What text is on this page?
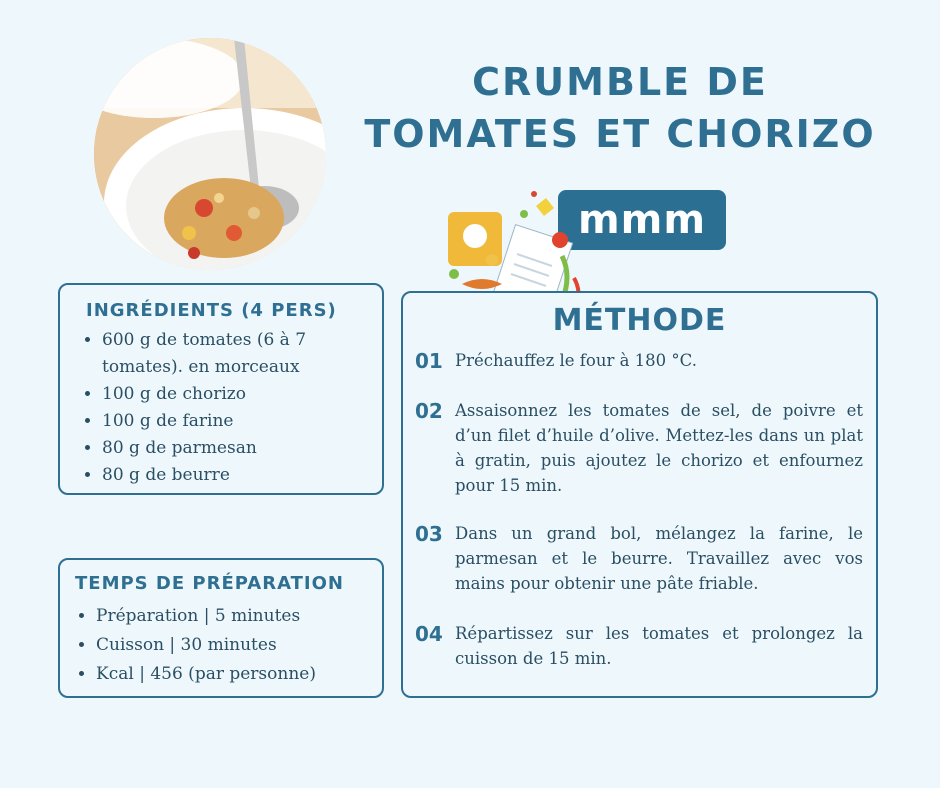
CRUMBLE DE
TOMATES ET CHORIZO
mmm
INGRÉDIENTS (4 PERS)
• 600 g de tomates (6 à 7 tomates). en morceaux
• 100 g de chorizo
• 100 g de farine
• 80 g de parmesan
• 80 g de beurre
TEMPS DE PRÉPARATION
• Préparation | 5 minutes
• Cuisson | 30 minutes
• Kcal | 456 (par personne)
MÉTHODE
01 Préchauffez le four à 180 °C.
02 Assaisonnez les tomates de sel, de poivre et d’un filet d’huile d’olive. Mettez-les dans un plat à gratin, puis ajoutez le chorizo et enfournez pour 15 min.
03 Dans un grand bol, mélangez la farine, le parmesan et le beurre. Travaillez avec vos mains pour obtenir une pâte friable.
04 Répartissez sur les tomates et prolongez la cuisson de 15 min.
